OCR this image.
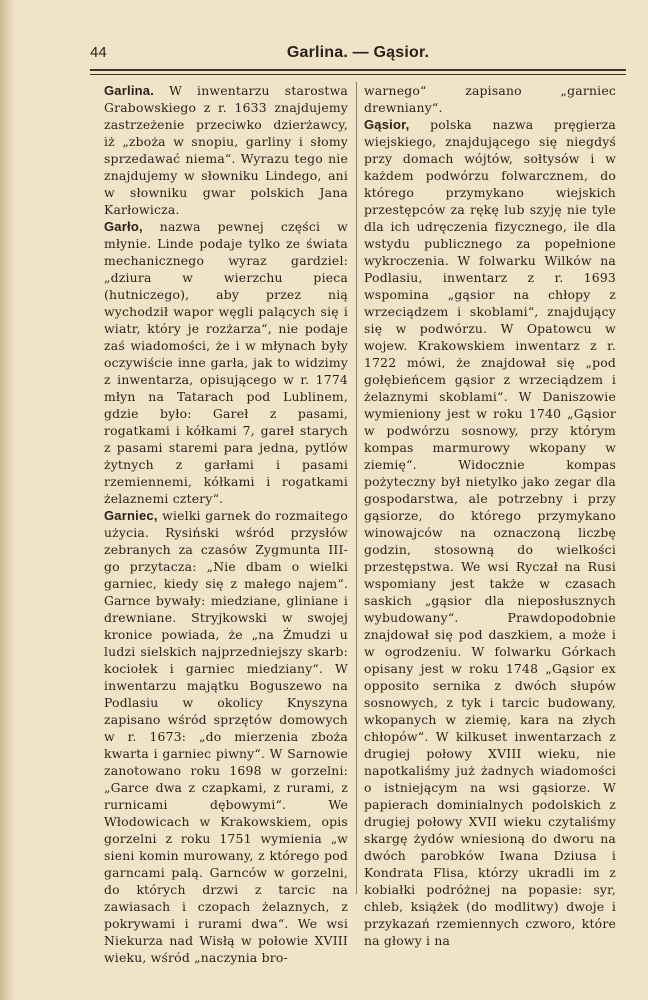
44	Garlina. — Gąsior.

Garlina. W inwentarzu starostwa Grabowskiego z r. 1633 znajdujemy zastrzeżenie przeciwko dzierżawcy, iż „zboża w snopiu, garliny i słomy sprzedawać niema“. Wyrazu tego nie znajdujemy w słowniku Lindego, ani w słowniku gwar polskich Jana Karłowicza.

Garło, nazwa pewnej części w młynie. Linde podaje tylko ze świata mechanicznego wyraz gardziel: „dziura w wierzchu pieca (hutniczego), aby przez nią wychodził wapor węgli palących się i wiatr, który je rozżarza“, nie podaje zaś wiadomości, że i w młynach były oczywiście inne garła, jak to widzimy z inwentarza, opisującego w r. 1774 młyn na Tatarach pod Lublinem, gdzie było: Gareł z pasami, rogatkami i kółkami 7, gareł starych z pasami staremi para jedna, pytlów żytnych z garłami i pasami rzemiennemi, kółkami i rogatkami żelaznemi cztery“.

Garniec, wielki garnek do rozmaitego użycia. Rysiński wśród przysłów zebranych za czasów Zygmunta III-go przytacza: „Nie dbam o wielki garniec, kiedy się z małego najem“. Garnce bywały: miedziane, gliniane i drewniane. Stryjkowski w swojej kronice powiada, że „na Żmudzi u ludzi sielskich najprzedniejszy skarb: kociołek i garniec miedziany“. W inwentarzu majątku Boguszewo na Podlasiu w okolicy Knyszyna zapisano wśród sprzętów domowych w r. 1673: „do mierzenia zboża kwarta i garniec piwny“. W Sarnowie zanotowano roku 1698 w gorzelni: „Garce dwa z czapkami, z rurami, z rurnicami dębowymi“. We Włodowicach w Krakowskiem, opis gorzelni z roku 1751 wymienia „w sieni komin murowany, z którego pod garncami palą. Garnców w gorzelni, do których drzwi z tarcic na zawiasach i czopach żelaznych, z pokrywami i rurami dwa“. We wsi Niekurza nad Wisłą w połowie XVIII wieku, wśród „naczynia bro-

warnego“ zapisano „garniec drewniany“.

Gąsior, polska nazwa pręgierza wiejskiego, znajdującego się niegdyś przy domach wójtów, sołtysów i w każdem podwórzu folwarcznem, do którego przymykano wiejskich przestępców za rękę lub szyję nie tyle dla ich udręczenia fizycznego, ile dla wstydu publicznego za popełnione wykroczenia. W folwarku Wilków na Podlasiu, inwentarz z r. 1693 wspomina „gąsior na chłopy z wrzeciądzem i skoblami“, znajdujący się w podwórzu. W Opatowcu w wojew. Krakowskiem inwentarz z r. 1722 mówi, że znajdował się „pod gołębieńcem gąsior z wrzeciądzem i żelaznymi skoblami“. W Daniszowie wymieniony jest w roku 1740 „Gąsior w podwórzu sosnowy, przy którym kompas marmurowy wkopany w ziemię“. Widocznie kompas pożyteczny był nietylko jako zegar dla gospodarstwa, ale potrzebny i przy gąsiorze, do którego przymykano winowajców na oznaczoną liczbę godzin, stosowną do wielkości przestępstwa. We wsi Ryczał na Rusi wspomiany jest także w czasach saskich „gąsior dla nieposłusznych wybudowany“. Prawdopodobnie znajdował się pod daszkiem, a może i w ogrodzeniu. W folwarku Górkach opisany jest w roku 1748 „Gąsior ex opposito sernika z dwóch słupów sosnowych, z tyk i tarcic budowany, wkopanych w ziemię, kara na złych chłopów“. W kilkuset inwentarzach z drugiej połowy XVIII wieku, nie napotkaliśmy już żadnych wiadomości o istniejącym na wsi gąsiorze. W papierach dominialnych podolskich z drugiej połowy XVII wieku czytaliśmy skargę żydów wniesioną do dworu na dwóch parobków Iwana Dziusa i Kondrata Flisa, którzy ukradli im z kobiałki podróżnej na popasie: syr, chleb, książek (do modlitwy) dwoje i przykazań rzemiennych czworo, które na głowy i na
